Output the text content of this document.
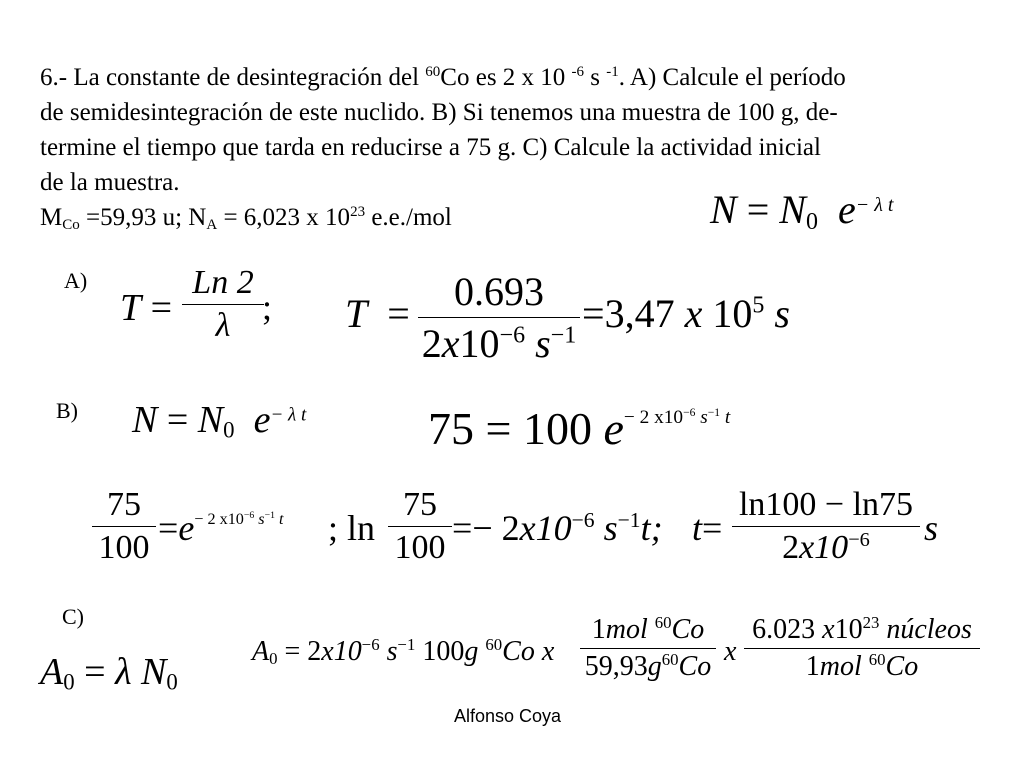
6.- La constante de desintegración del $^{60}$Co es 2 x 10 $^{-6}$ s $^{-1}$. A) Calcule el período
de semidesintegración de este nuclido. B) Si tenemos una muestra de 100 g, de-
termine el tiempo que tarda en reducirse a 75 g. C) Calcule la actividad inicial
de la muestra.
$M_{Co} =59,93$ u; $N_A = 6,023$ x $10^{23}$ e.e./mol	$N = N_0$ $e^{- \lambda t}$
A)
T =
Ln 2
λ ; T =	0.693
$2x10^{-6}$ $s^{-1} =3,47$ x $10^5$ s
B) $N = N_0$ $e^{- \lambda t}$	75 = 100 $e^{- 2 x10^{-6} s^{-1} t}$
75
$100 =e^{- 2 x10^{-6} s^{-1} t}$ ; ln
75
$100 =- 2x10^{-6}$ $s^{-1}t$; t=
ln100 − ln75
$2x10^{-6}$	s
C)
$A_0 = \lambda$ $N_0$
$A_0 = 2x10^{-6}$ $s^{-1}$ 100g $^{60}$Co x
1mol $^{60}$Co
$59,93g^{60}Co$ x
6.023 $x10^{23}$ núcleos
1mol $^{60}$Co
Alfonso Coya
